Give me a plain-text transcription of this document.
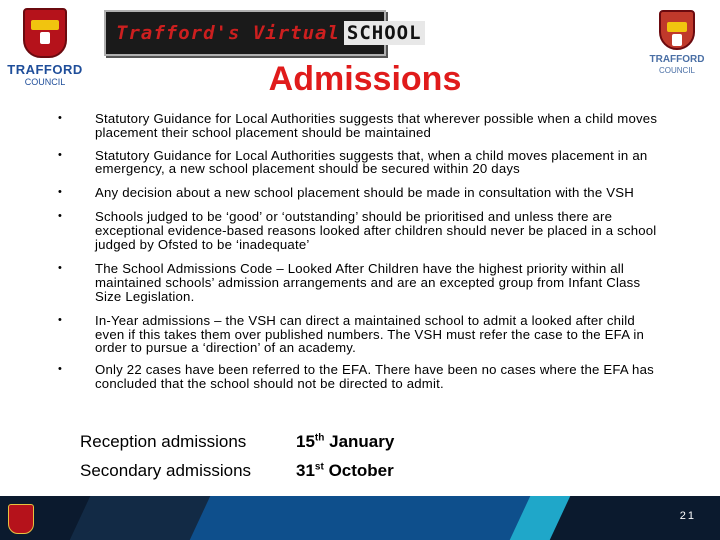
TRAFFORD
COUNCIL
Trafford's Virtual SCHOOL
TRAFFORD
COUNCIL
Admissions
• Statutory Guidance for Local Authorities suggests that wherever possible when a child moves placement their school placement should be maintained
• Statutory Guidance for Local Authorities suggests that, when a child moves placement in an emergency, a new school placement should be secured within 20 days
• Any decision about a new school placement should be made in consultation with the VSH
• Schools judged to be ‘good’ or ‘outstanding’ should be prioritised and unless there are exceptional evidence-based reasons looked after children should never be placed in a school judged by Ofsted to be ‘inadequate’
• The School Admissions Code – Looked After Children have the highest priority within all maintained schools’ admission arrangements and are an excepted group from Infant Class Size Legislation.
• In-Year admissions – the VSH can direct a maintained school to admit a looked after child even if this takes them over published numbers. The VSH must refer the case to the EFA in order to pursue a ‘direction’ of an academy.
• Only 22 cases have been referred to the EFA. There have been no cases where the EFA has concluded that the school should not be directed to admit.
Reception admissions	15th January
Secondary admissions	31st October
21
